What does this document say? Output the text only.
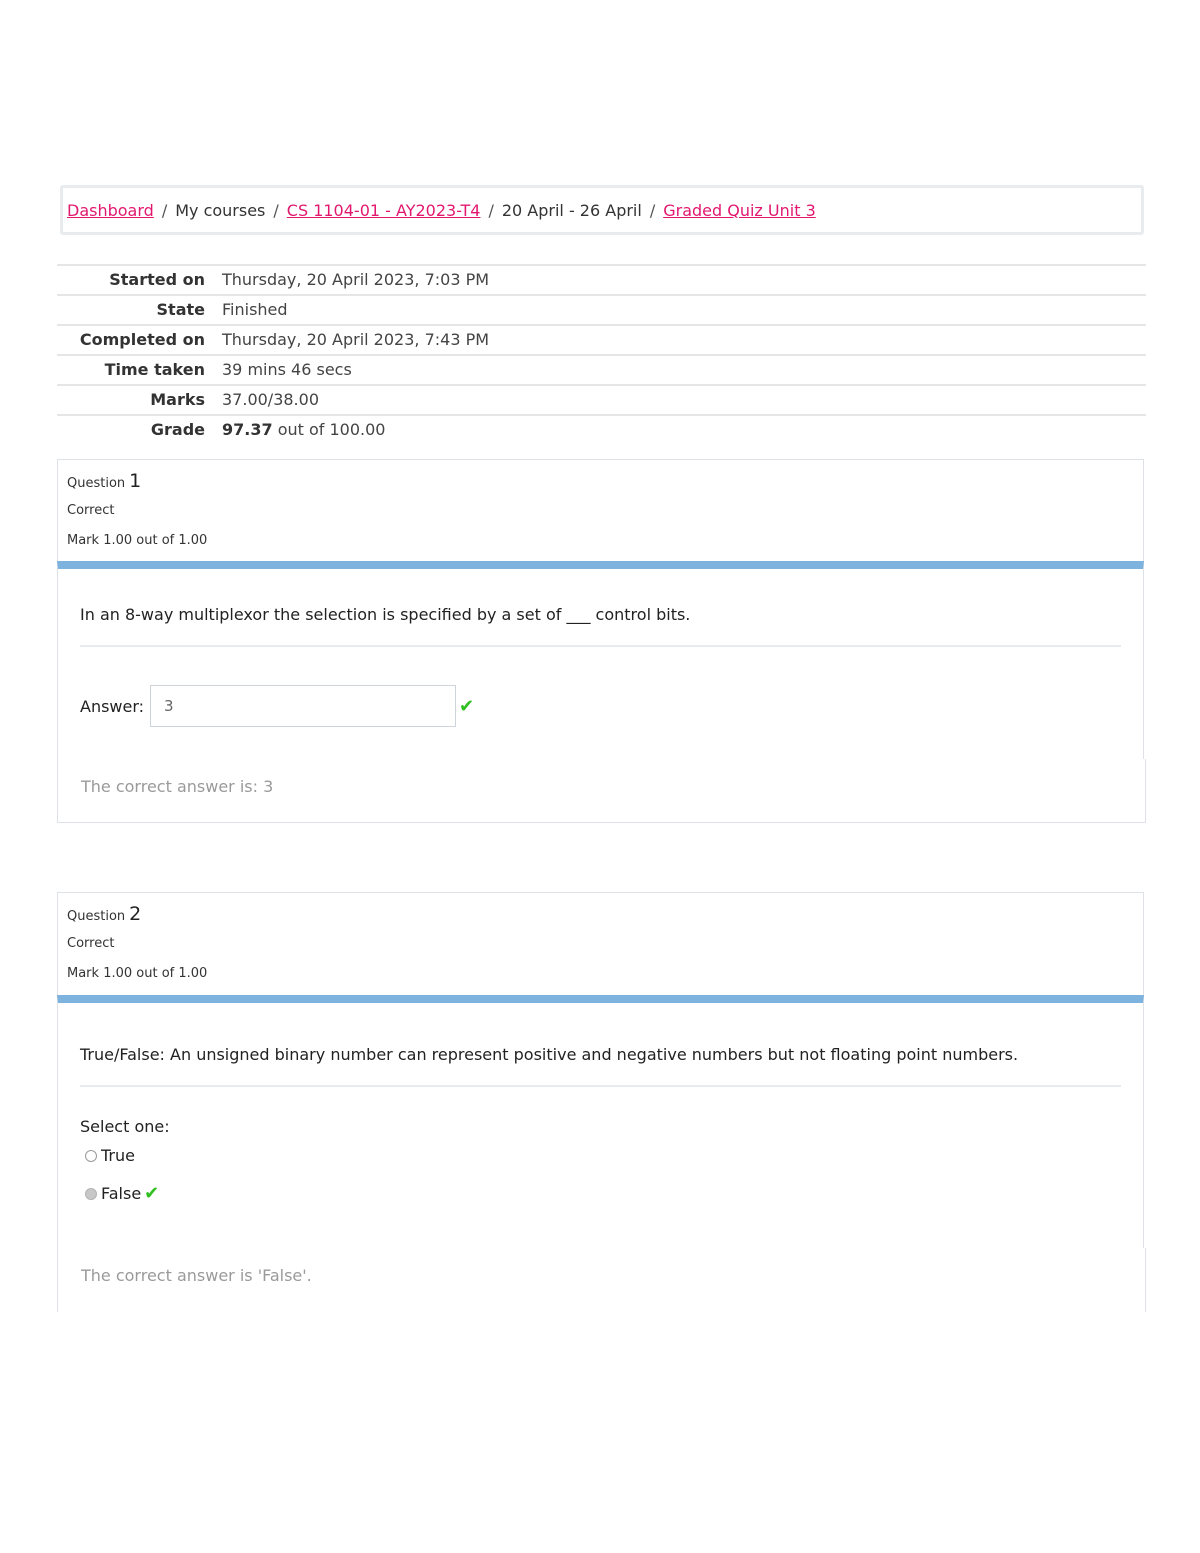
Dashboard / My courses / CS 1104-01 - AY2023-T4 / 20 April - 26 April / Graded Quiz Unit 3
Started on	Thursday, 20 April 2023, 7:03 PM
State	Finished
Completed on	Thursday, 20 April 2023, 7:43 PM
Time taken	39 mins 46 secs
Marks	37.00/38.00
Grade	97.37 out of 100.00
Question 1
Correct
Mark 1.00 out of 1.00
In an 8-way multiplexor the selection is specified by a set of ___ control bits.
Answer: 3	✔
The correct answer is: 3
Question 2
Correct
Mark 1.00 out of 1.00
True/False: An unsigned binary number can represent positive and negative numbers but not floating point numbers.
Select one:
True
False ✔
The correct answer is 'False'.
